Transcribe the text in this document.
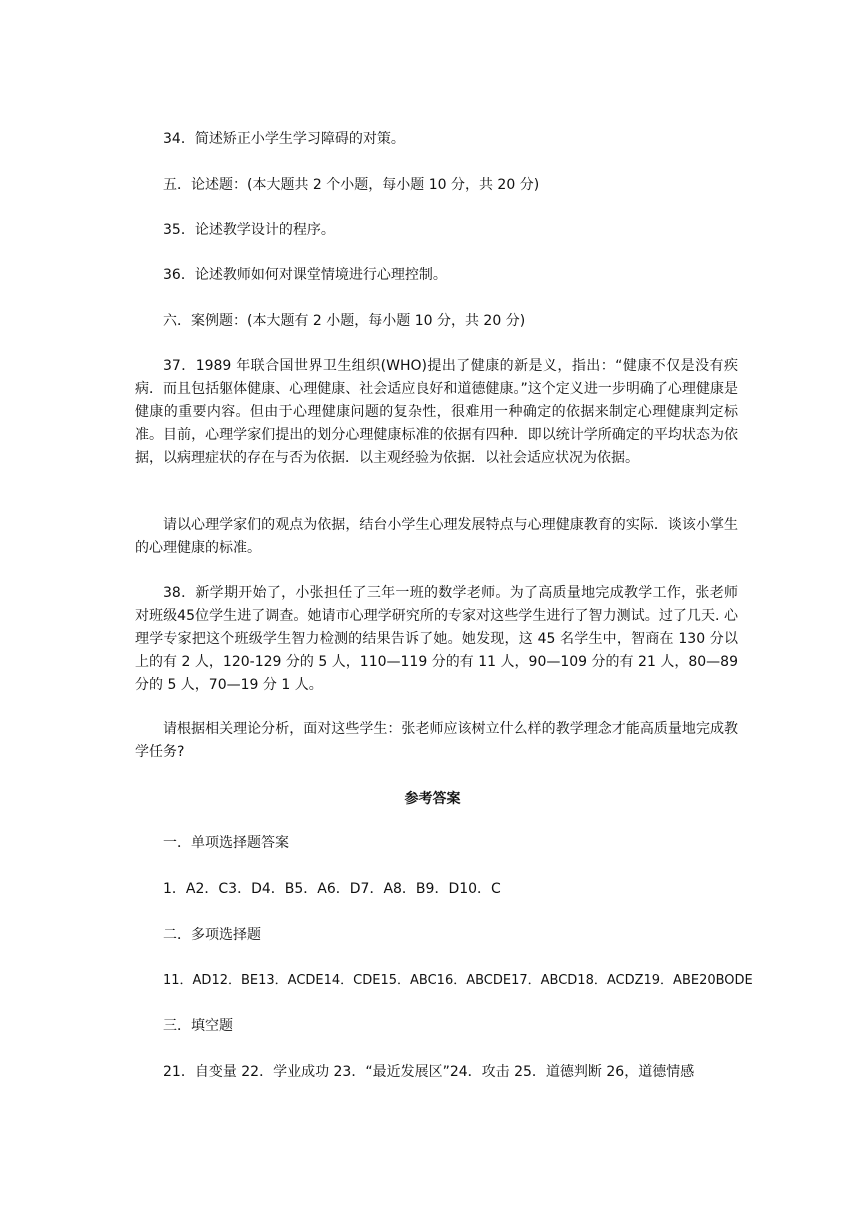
34．简述矫正小学生学习障碍的对策。
五．论述题：(本大题共 2 个小题，每小题 10 分，共 20 分)
35．论述教学设计的程序。
36．论述教师如何对课堂情境进行心理控制。
六．案例题：(本大题有 2 小题，每小题 10 分，共 20 分)
37．1989 年联合国世界卫生组织(WHO)提出了健康的新是义，指出：“健康不仅是没有疾病．而且包括躯体健康、心理健康、社会适应良好和道德健康。”这个定义进一步明确了心理健康是健康的重要内容。但由于心理健康问题的复杂性，很难用一种确定的依据来制定心理健康判定标准。目前，心理学家们提出的划分心理健康标准的依据有四种．即以统计学所确定的平均状态为依据，以病理症状的存在与否为依据．以主观经验为依据．以社会适应状况为依据。
请以心理学家们的观点为依据，结台小学生心理发展特点与心理健康教育的实际．谈该小掌生的心理健康的标准。
38．新学期开始了，小张担任了三年一班的数学老师。为了高质量地完成教学工作，张老师对班级45位学生进了调查。她请市心理学研究所的专家对这些学生进行了智力测试。过了几天. 心理学专家把这个班级学生智力检测的结果告诉了她。她发现，这 45 名学生中，智商在 130 分以上的有 2 人，120-129 分的 5 人，110—119 分的有 11 人，90—109 分的有 21 人，80—89 分的 5 人，70—19 分 1 人。
请根据相关理论分析，面对这些学生：张老师应该树立什么样的教学理念才能高质量地完成教学任务?
参考答案
一．单项选择题答案
1．A2．C3．D4．B5．A6．D7．A8．B9．D10．C
二．多项选择题
11．AD12．BE13．ACDE14．CDE15．ABC16．ABCDE17．ABCD18．ACDZ19．ABE20BODE
三．填空题
21．自变量 22．学业成功 23．“最近发展区”24．攻击 25．道德判断 26，道德情感
